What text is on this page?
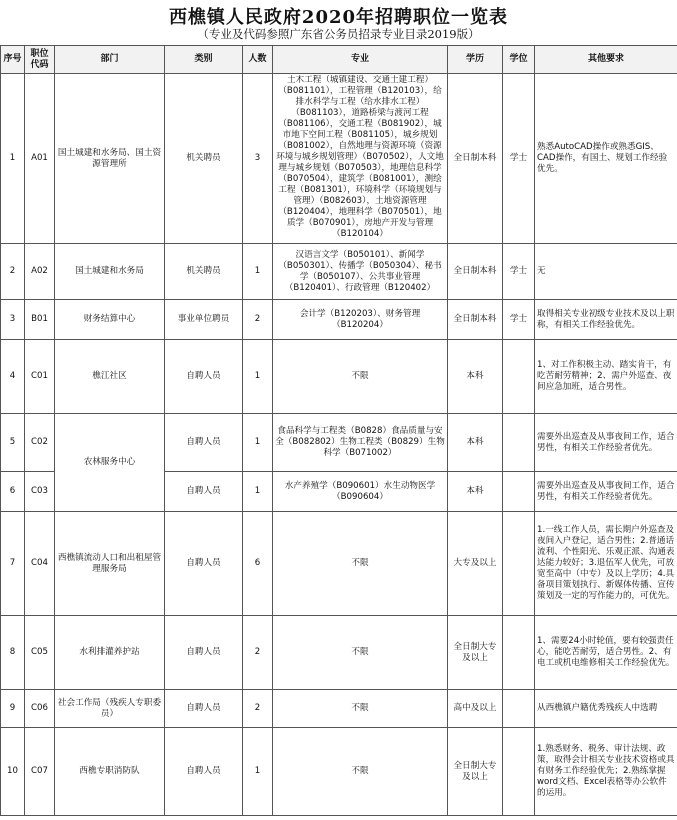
西樵镇人民政府2020年招聘职位一览表
（专业及代码参照广东省公务员招录专业目录2019版）
序号	职位代码	部门	类别	人数	专业	学历	学位	其他要求
1	A01	国土城建和水务局、国土资源管理所	机关聘员	3	土木工程（城镇建设、交通土建工程）（B081101），工程管理（B120103），给排水科学与工程（给水排水工程）（B081103），道路桥梁与渡河工程（B081106），交通工程（B081902），城市地下空间工程（B081105），城乡规划（B081002），自然地理与资源环境（资源环境与城乡规划管理）（B070502），人文地理与城乡规划（B070503），地理信息科学（B070504），建筑学（B081001），测绘工程（B081301），环境科学（环境规划与管理）（B082603），土地资源管理（B120404），地理科学（B070501），地质学（B070901），房地产开发与管理（B120104）	全日制本科	学士	熟悉AutoCAD操作或熟悉GIS、CAD操作，有国土、规划工作经验优先。
2	A02	国土城建和水务局	机关聘员	1	汉语言文学（B050101）、新闻学（B050301）、传播学（B050304）、秘书学（B050107）、公共事业管理（B120401）、行政管理（B120402）	全日制本科	学士	无
3	B01	财务结算中心	事业单位聘员	2	会计学（B120203）、财务管理（B120204）	全日制本科	学士	取得相关专业初级专业技术及以上职称，有相关工作经验优先。
4	C01	樵江社区	自聘人员	1	不限	本科		1、对工作积极主动、踏实肯干，有吃苦耐劳精神；2、需户外巡查、夜间应急加班，适合男性。
5	C02	农林服务中心	自聘人员	1	食品科学与工程类（B0828）食品质量与安全（B082802）生物工程类（B0829）生物科学（B071002）	本科		需要外出巡查及从事夜间工作，适合男性，有相关工作经验者优先。
6	C03		自聘人员	1	水产养殖学（B090601）水生动物医学（B090604）	本科		需要外出巡查及从事夜间工作，适合男性，有相关工作经验者优先。
7	C04	西樵镇流动人口和出租屋管理服务局	自聘人员	6	不限	大专及以上		1.一线工作人员，需长期户外巡查及夜间入户登记，适合男性；2.普通话流利、个性阳光、乐观正派、沟通表达能力较好；3.退伍军人优先，可放宽至高中（中专）及以上学历；4.具备项目策划执行、新媒体传播、宣传策划及一定的写作能力的，可优先。
8	C05	水利排灌养护站	自聘人员	2	不限	全日制大专及以上		1、需要24小时轮值，要有较强责任心，能吃苦耐劳，适合男性。2、有电工或机电维修相关工作经验优先。
9	C06	社会工作局（残疾人专职委员）	自聘人员	2	不限	高中及以上		从西樵镇户籍优秀残疾人中选聘
10	C07	西樵专职消防队	自聘人员	1	不限	全日制大专及以上		1.熟悉财务、税务、审计法规、政策，取得会计相关专业技术资格或具有财务工作经验优先；2.熟练掌握word文档、Excel表格等办公软件的运用。
